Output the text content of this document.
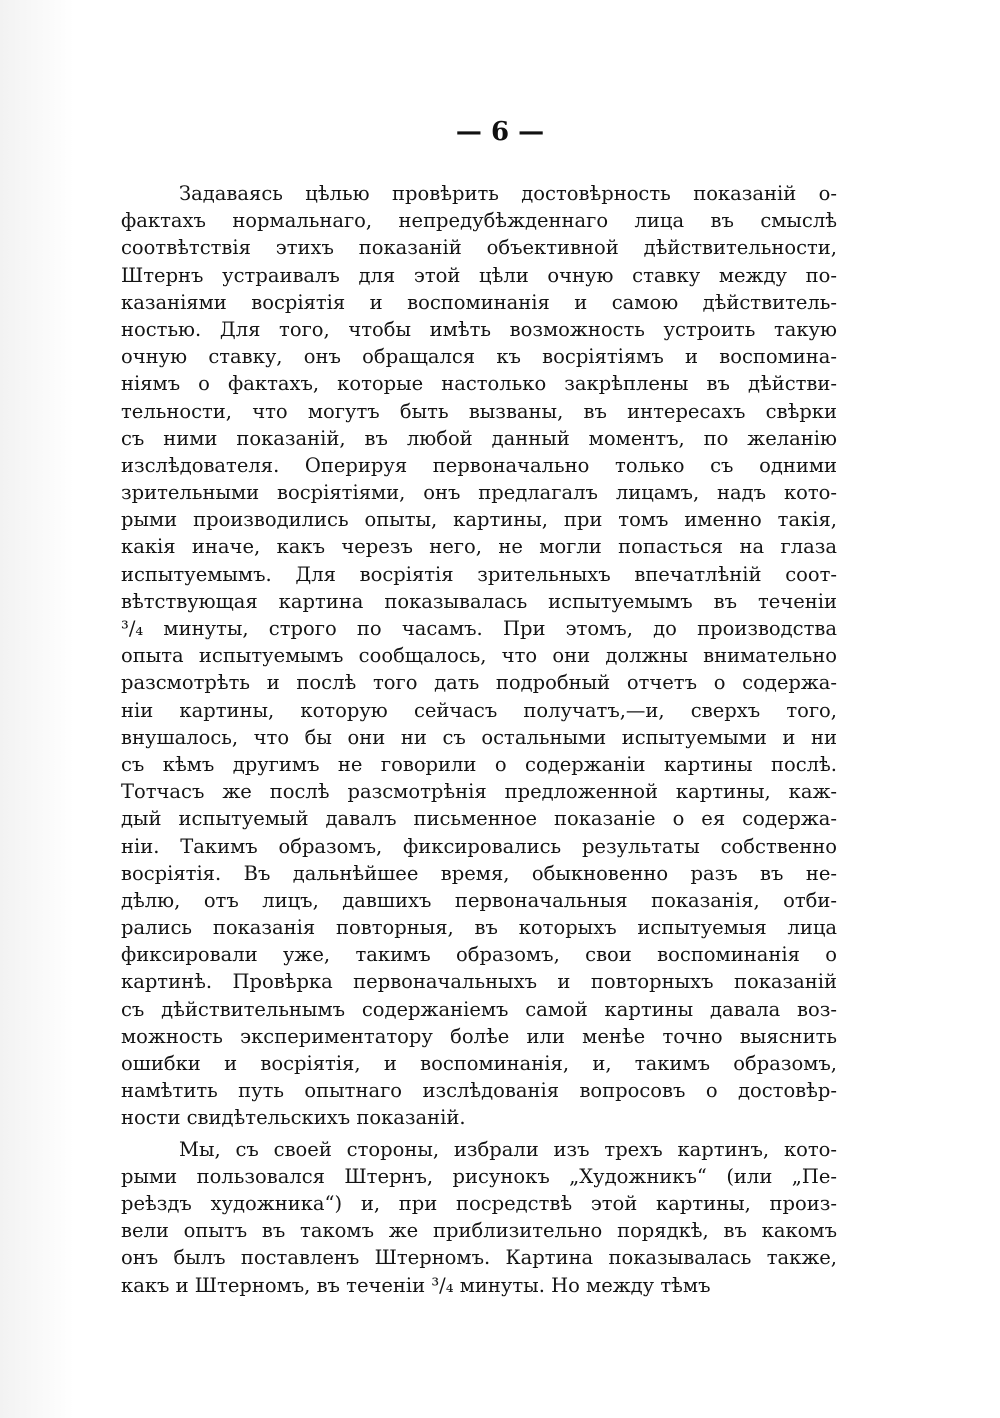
— 6 —
Задаваясь цѣлью провѣрить достовѣрность показаній о-
фактахъ нормальнаго, непредубѣжденнаго лица въ смыслѣ
соотвѣтствія этихъ показаній объективной дѣйствительности,
Штернъ устраивалъ для этой цѣли очную ставку между по-
казаніями восріятія и воспоминанія и самою дѣйствитель-
ностью. Для того, чтобы имѣть возможность устроить такую
очную ставку, онъ обращался къ восріятіямъ и воспомина-
ніямъ о фактахъ, которые настолько закрѣплены въ дѣйстви-
тельности, что могутъ быть вызваны, въ интересахъ свѣрки
съ ними показаній, въ любой данный моментъ, по желанію
изслѣдователя. Оперируя первоначально только съ одними
зрительными восріятіями, онъ предлагалъ лицамъ, надъ кото-
рыми производились опыты, картины, при томъ именно такія,
какія иначе, какъ черезъ него, не могли попасться на глаза
испытуемымъ. Для восріятія зрительныхъ впечатлѣній соот-
вѣтствующая картина показывалась испытуемымъ въ теченіи
³/₄ минуты, строго по часамъ. При этомъ, до производства
опыта испытуемымъ сообщалось, что они должны внимательно
разсмотрѣть и послѣ того дать подробный отчетъ о содержа-
ніи картины, которую сейчасъ получатъ,—и, сверхъ того,
внушалось, что бы они ни съ остальными испытуемыми и ни
съ кѣмъ другимъ не говорили о содержаніи картины послѣ.
Тотчасъ же послѣ разсмотрѣнія предложенной картины, каж-
дый испытуемый давалъ письменное показаніе о ея содержа-
ніи. Такимъ образомъ, фиксировались результаты собственно
восріятія. Въ дальнѣйшее время, обыкновенно разъ въ не-
дѣлю, отъ лицъ, давшихъ первоначальныя показанія, отби-
рались показанія повторныя, въ которыхъ испытуемыя лица
фиксировали уже, такимъ образомъ, свои воспоминанія о
картинѣ. Провѣрка первоначальныхъ и повторныхъ показаній
съ дѣйствительнымъ содержаніемъ самой картины давала воз-
можность экспериментатору болѣе или менѣе точно выяснить
ошибки и восріятія, и воспоминанія, и, такимъ образомъ,
намѣтить путь опытнаго изслѣдованія вопросовъ о достовѣр-
ности свидѣтельскихъ показаній.
Мы, съ своей стороны, избрали изъ трехъ картинъ, кото-
рыми пользовался Штернъ, рисунокъ „Художникъ“ (или „Пе-
реѣздъ художника“) и, при посредствѣ этой картины, произ-
вели опытъ въ такомъ же приблизительно порядкѣ, въ какомъ
онъ былъ поставленъ Штерномъ. Картина показывалась также,
какъ и Штерномъ, въ теченіи ³/₄ минуты. Но между тѣмъ
